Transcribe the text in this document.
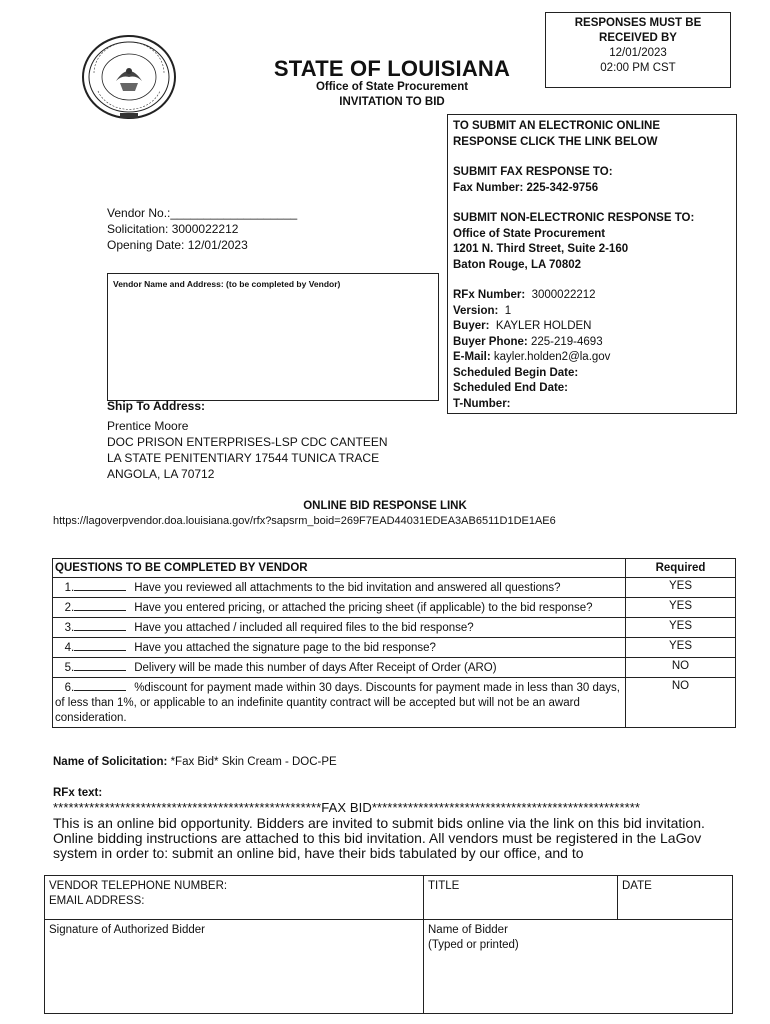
STATE OF LOUISIANA
Office of State Procurement
INVITATION TO BID
RESPONSES MUST BE
RECEIVED BY
12/01/2023
02:00 PM CST
TO SUBMIT AN ELECTRONIC ONLINE
RESPONSE CLICK THE LINK BELOW
SUBMIT FAX RESPONSE TO:
Fax Number: 225-342-9756
SUBMIT NON-ELECTRONIC RESPONSE TO:
Office of State Procurement
1201 N. Third Street, Suite 2-160
Baton Rouge, LA 70802
RFx Number: 3000022212
Version: 1
Buyer: KAYLER HOLDEN
Buyer Phone: 225-219-4693
E-Mail: kayler.holden2@la.gov
Scheduled Begin Date:
Scheduled End Date:
T-Number:
Vendor No.:___________________
Solicitation: 3000022212
Opening Date: 12/01/2023
Vendor Name and Address: (to be completed by Vendor)
Ship To Address:
Prentice Moore
DOC PRISON ENTERPRISES-LSP CDC CANTEEN
LA STATE PENITENTIARY 17544 TUNICA TRACE
ANGOLA, LA 70712
ONLINE BID RESPONSE LINK
https://lagoverpvendor.doa.louisiana.gov/rfx?sapsrm_boid=269F7EAD44031EDEA3AB6511D1DE1AE6
QUESTIONS TO BE COMPLETED BY VENDOR	Required
1. Have you reviewed all attachments to the bid invitation and answered all questions?	YES
2. Have you entered pricing, or attached the pricing sheet (if applicable) to the bid response?	YES
3. Have you attached / included all required files to the bid response?	YES
4. Have you attached the signature page to the bid response?	YES
5. Delivery will be made this number of days After Receipt of Order (ARO)	NO
6. %discount for payment made within 30 days. Discounts for payment made in less than 30 days, of less than 1%, or applicable to an indefinite quantity contract will be accepted but will not be an award consideration.	NO
Name of Solicitation: *Fax Bid* Skin Cream - DOC-PE
RFx text:
****************************************************FAX BID****************************************************
This is an online bid opportunity. Bidders are invited to submit bids online via the link on this bid invitation. Online bidding instructions are attached to this bid invitation. All vendors must be registered in the LaGov system in order to: submit an online bid, have their bids tabulated by our office, and to
VENDOR TELEPHONE NUMBER:
EMAIL ADDRESS:	TITLE	DATE
Signature of Authorized Bidder	Name of Bidder
(Typed or printed)	
